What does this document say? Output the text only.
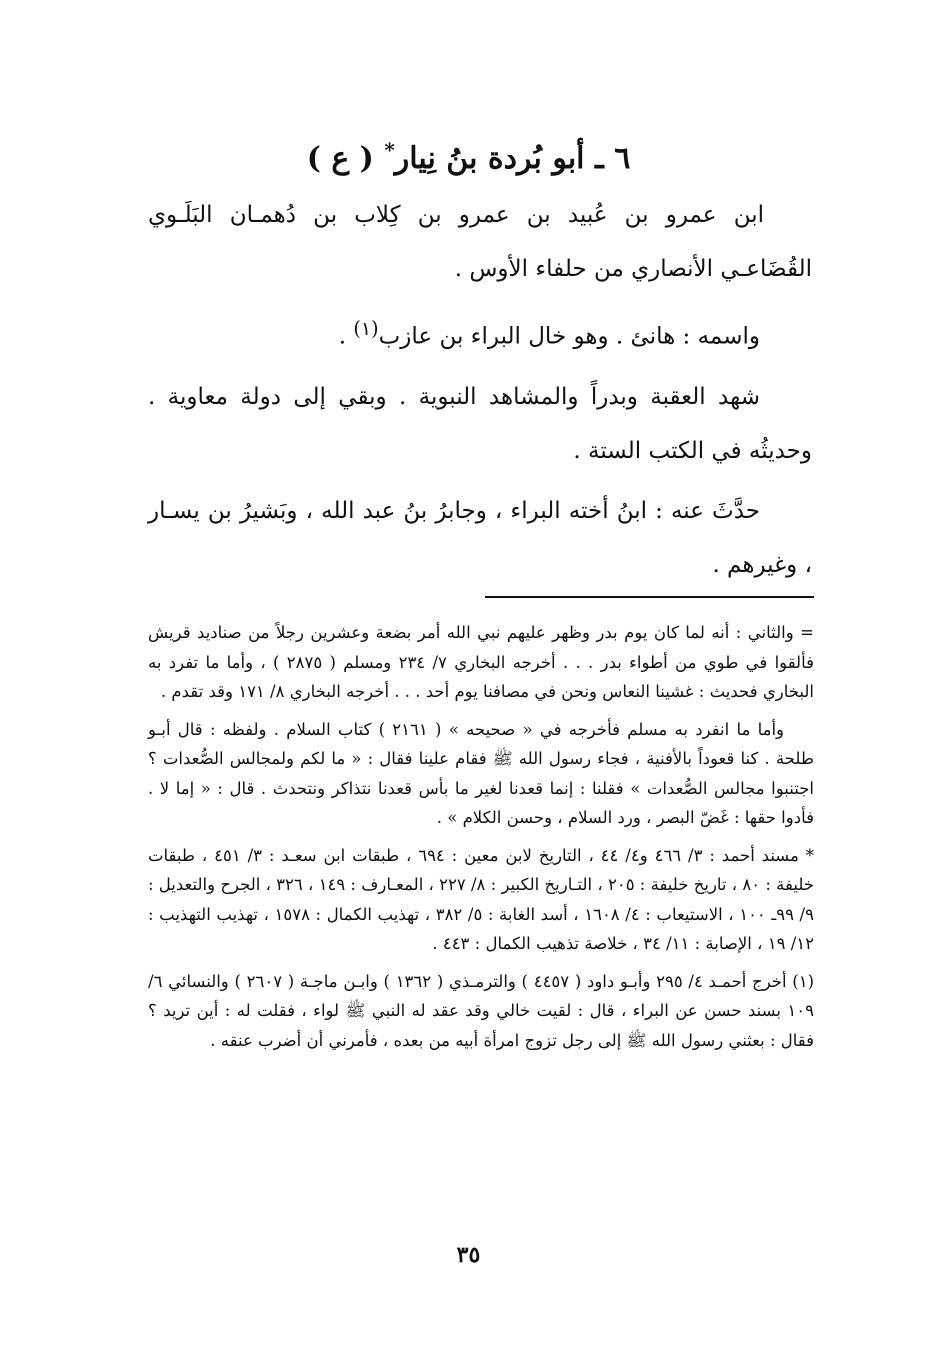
٦ ـ أبو بُردة بنُ نِيار* ( ع )

ابن عمرو بن عُبيد بن عمرو بن كِلاب بن دُهمـان البَلَـوي القُضَاعـي الأنصاري من حلفاء الأوس .

واسمه : هانئ . وهو خال البراء بن عازب$^{(١)}$ .

شهد العقبة وبدراً والمشاهد النبوية . وبقي إلى دولة معاوية . وحديثُه في الكتب الستة .

حدَّثَ عنه : ابنُ أخته البراء ، وجابرُ بنُ عبد الله ، وبَشيرُ بن يسـار ، وغيرهم .

= والثاني : أنه لما كان يوم بدر وظهر عليهم نبي الله أمر بضعة وعشرين رجلاً من صناديد قريش فألقوا في طوي من أطواء بدر . . . أخرجه البخاري ٧/ ٢٣٤ ومسلم ( ٢٨٧٥ ) ، وأما ما تفرد به البخاري فحديث : غشينا النعاس ونحن في مصافنا يوم أحد . . . أخرجه البخاري ٨/ ١٧١ وقد تقدم .

وأما ما انفرد به مسلم فأخرجه في « صحيحه » ( ٢١٦١ ) كتاب السلام . ولفظه : قال أبـو طلحة . كنا قعوداً بالأفنية ، فجاء رسول الله ﷺ فقام علينا فقال : « ما لكم ولمجالس الصُّعدات ؟ اجتنبوا مجالس الصُّعدات » فقلنا : إنما قعدنا لغير ما بأس قعدنا نتذاكر ونتحدث . قال : « إما لا . فأدوا حقها : غَضّ البصر ، ورد السلام ، وحسن الكلام » .

* مسند أحمد : ٣/ ٤٦٦ و٤/ ٤٤ ، التاريخ لابن معين : ٦٩٤ ، طبقات ابن سعـد : ٣/ ٤٥١ ، طبقات خليفة : ٨٠ ، تاريخ خليفة : ٢٠٥ ، التـاريخ الكبير : ٨/ ٢٢٧ ، المعـارف : ١٤٩ ، ٣٢٦ ، الجرح والتعديل : ٩/ ٩٩ـ ١٠٠ ، الاستيعاب : ٤/ ١٦٠٨ ، أسد الغابة : ٥/ ٣٨٢ ، تهذيب الكمال : ١٥٧٨ ، تهذيب التهذيب : ١٢/ ١٩ ، الإصابة : ١١/ ٣٤ ، خلاصة تذهيب الكمال : ٤٤٣ .

(١) أخرج أحمـد ٤/ ٢٩٥ وأبـو داود ( ٤٤٥٧ ) والترمـذي ( ١٣٦٢ ) وابـن ماجـة ( ٢٦٠٧ ) والنسائي ٦/ ١٠٩ بسند حسن عن البراء ، قال : لقيت خالي وقد عقد له النبي ﷺ لواء ، فقلت له : أين تريد ؟ فقال : بعثني رسول الله ﷺ إلى رجل تزوج امرأة أبيه من بعده ، فأمرني أن أضرب عنقه .

٣٥
